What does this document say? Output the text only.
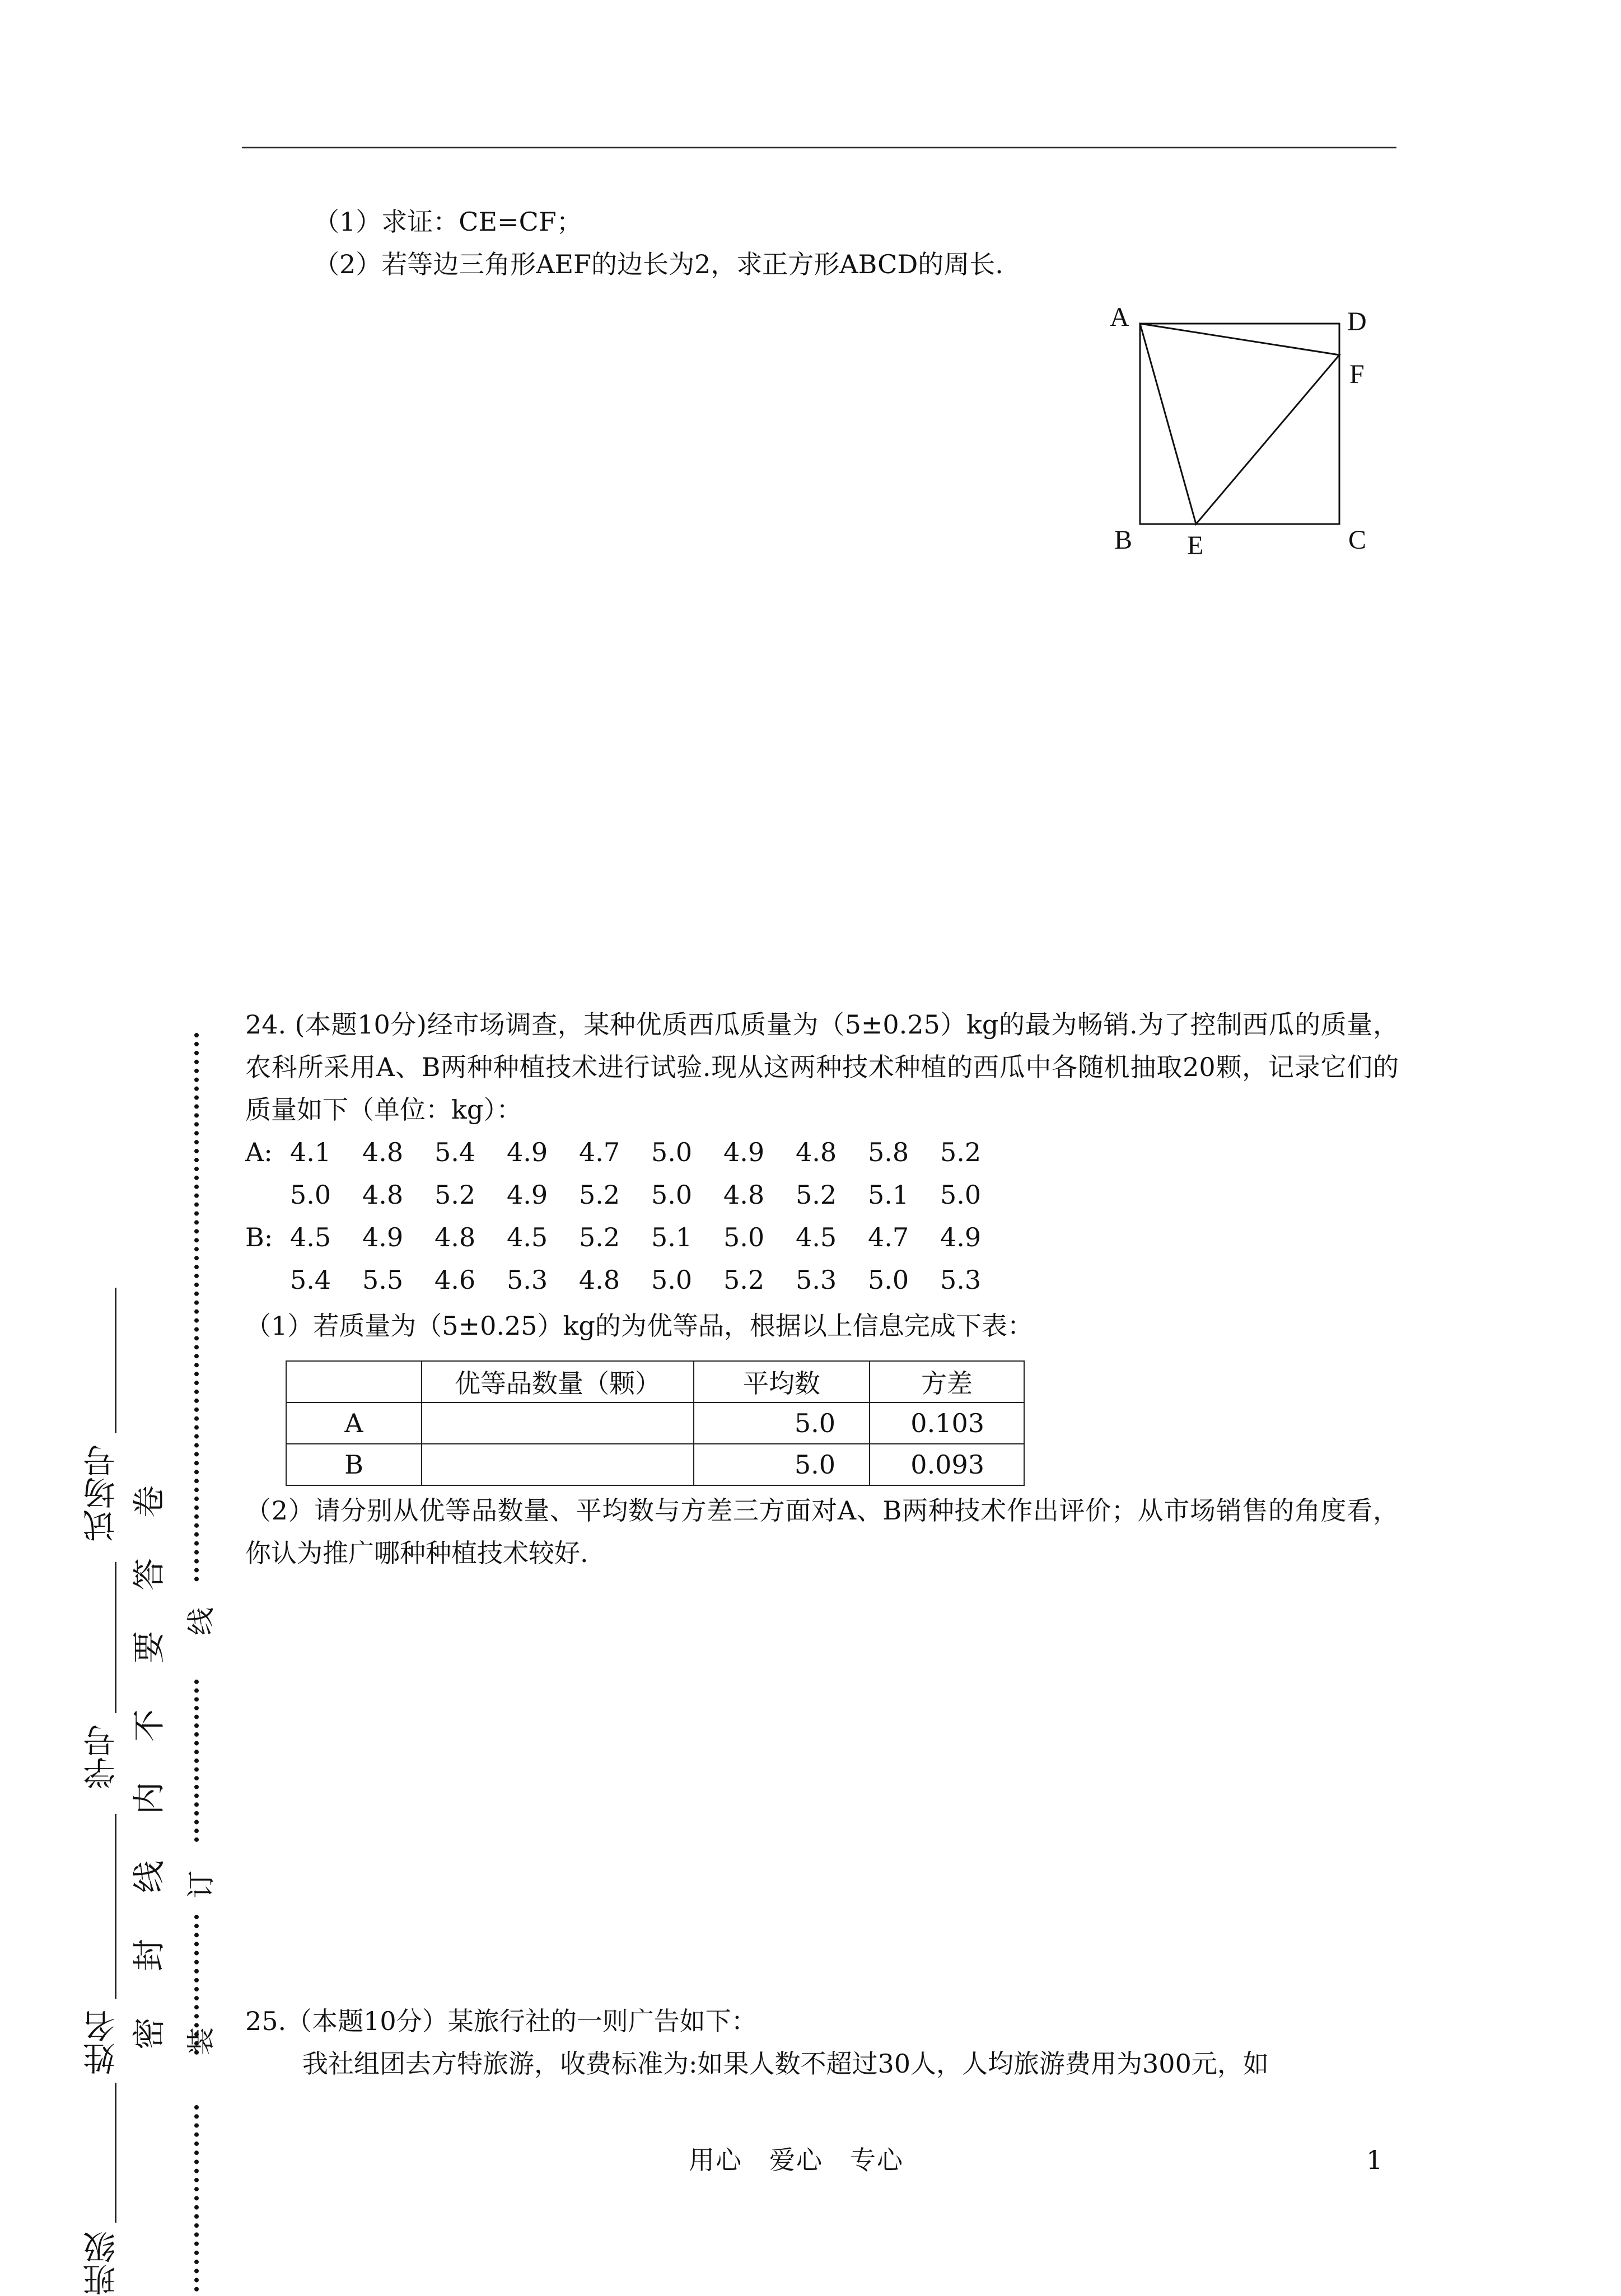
（1）求证：CE=CF；
（2）若等边三角形AEF的边长为2，求正方形ABCD的周长.
A	D
F
B E	C

24. (本题10分)经市场调查，某种优质西瓜质量为（5±0.25）kg的最为畅销.为了控制西瓜的质量，农科所采用A、B两种种植技术进行试验.现从这两种技术种植的西瓜中各随机抽取20颗，记录它们的质量如下（单位：kg）：

A: 4.1 4.8 5.4 4.9 4.7 5.0 4.9 4.8 5.8 5.2
5.0 4.8 5.2 4.9 5.2 5.0 4.8 5.2 5.1 5.0
B: 4.5 4.9 4.8 4.5 5.2 5.1 5.0 4.5 4.7 4.9
5.4 5.5 4.6 5.3 4.8 5.0 5.2 5.3 5.0 5.3
（1）若质量为（5±0.25）kg的为优等品，根据以上信息完成下表：
	优等品数量（颗）	平均数	方差
A		5.0	0.103
B		5.0	0.093

（2）请分别从优等品数量、平均数与方差三方面对A、B两种技术作出评价；从市场销售的角度看，你认为推广哪种种植技术较好.

25.（本题10分）某旅行社的一则广告如下：
我社组团去方特旅游，收费标准为:如果人数不超过30人，人均旅游费用为300元，如
用心　爱心　专心	1
班级
姓名
学号
试场号
密
封
线
内
不
要
答
卷
装
订
线
